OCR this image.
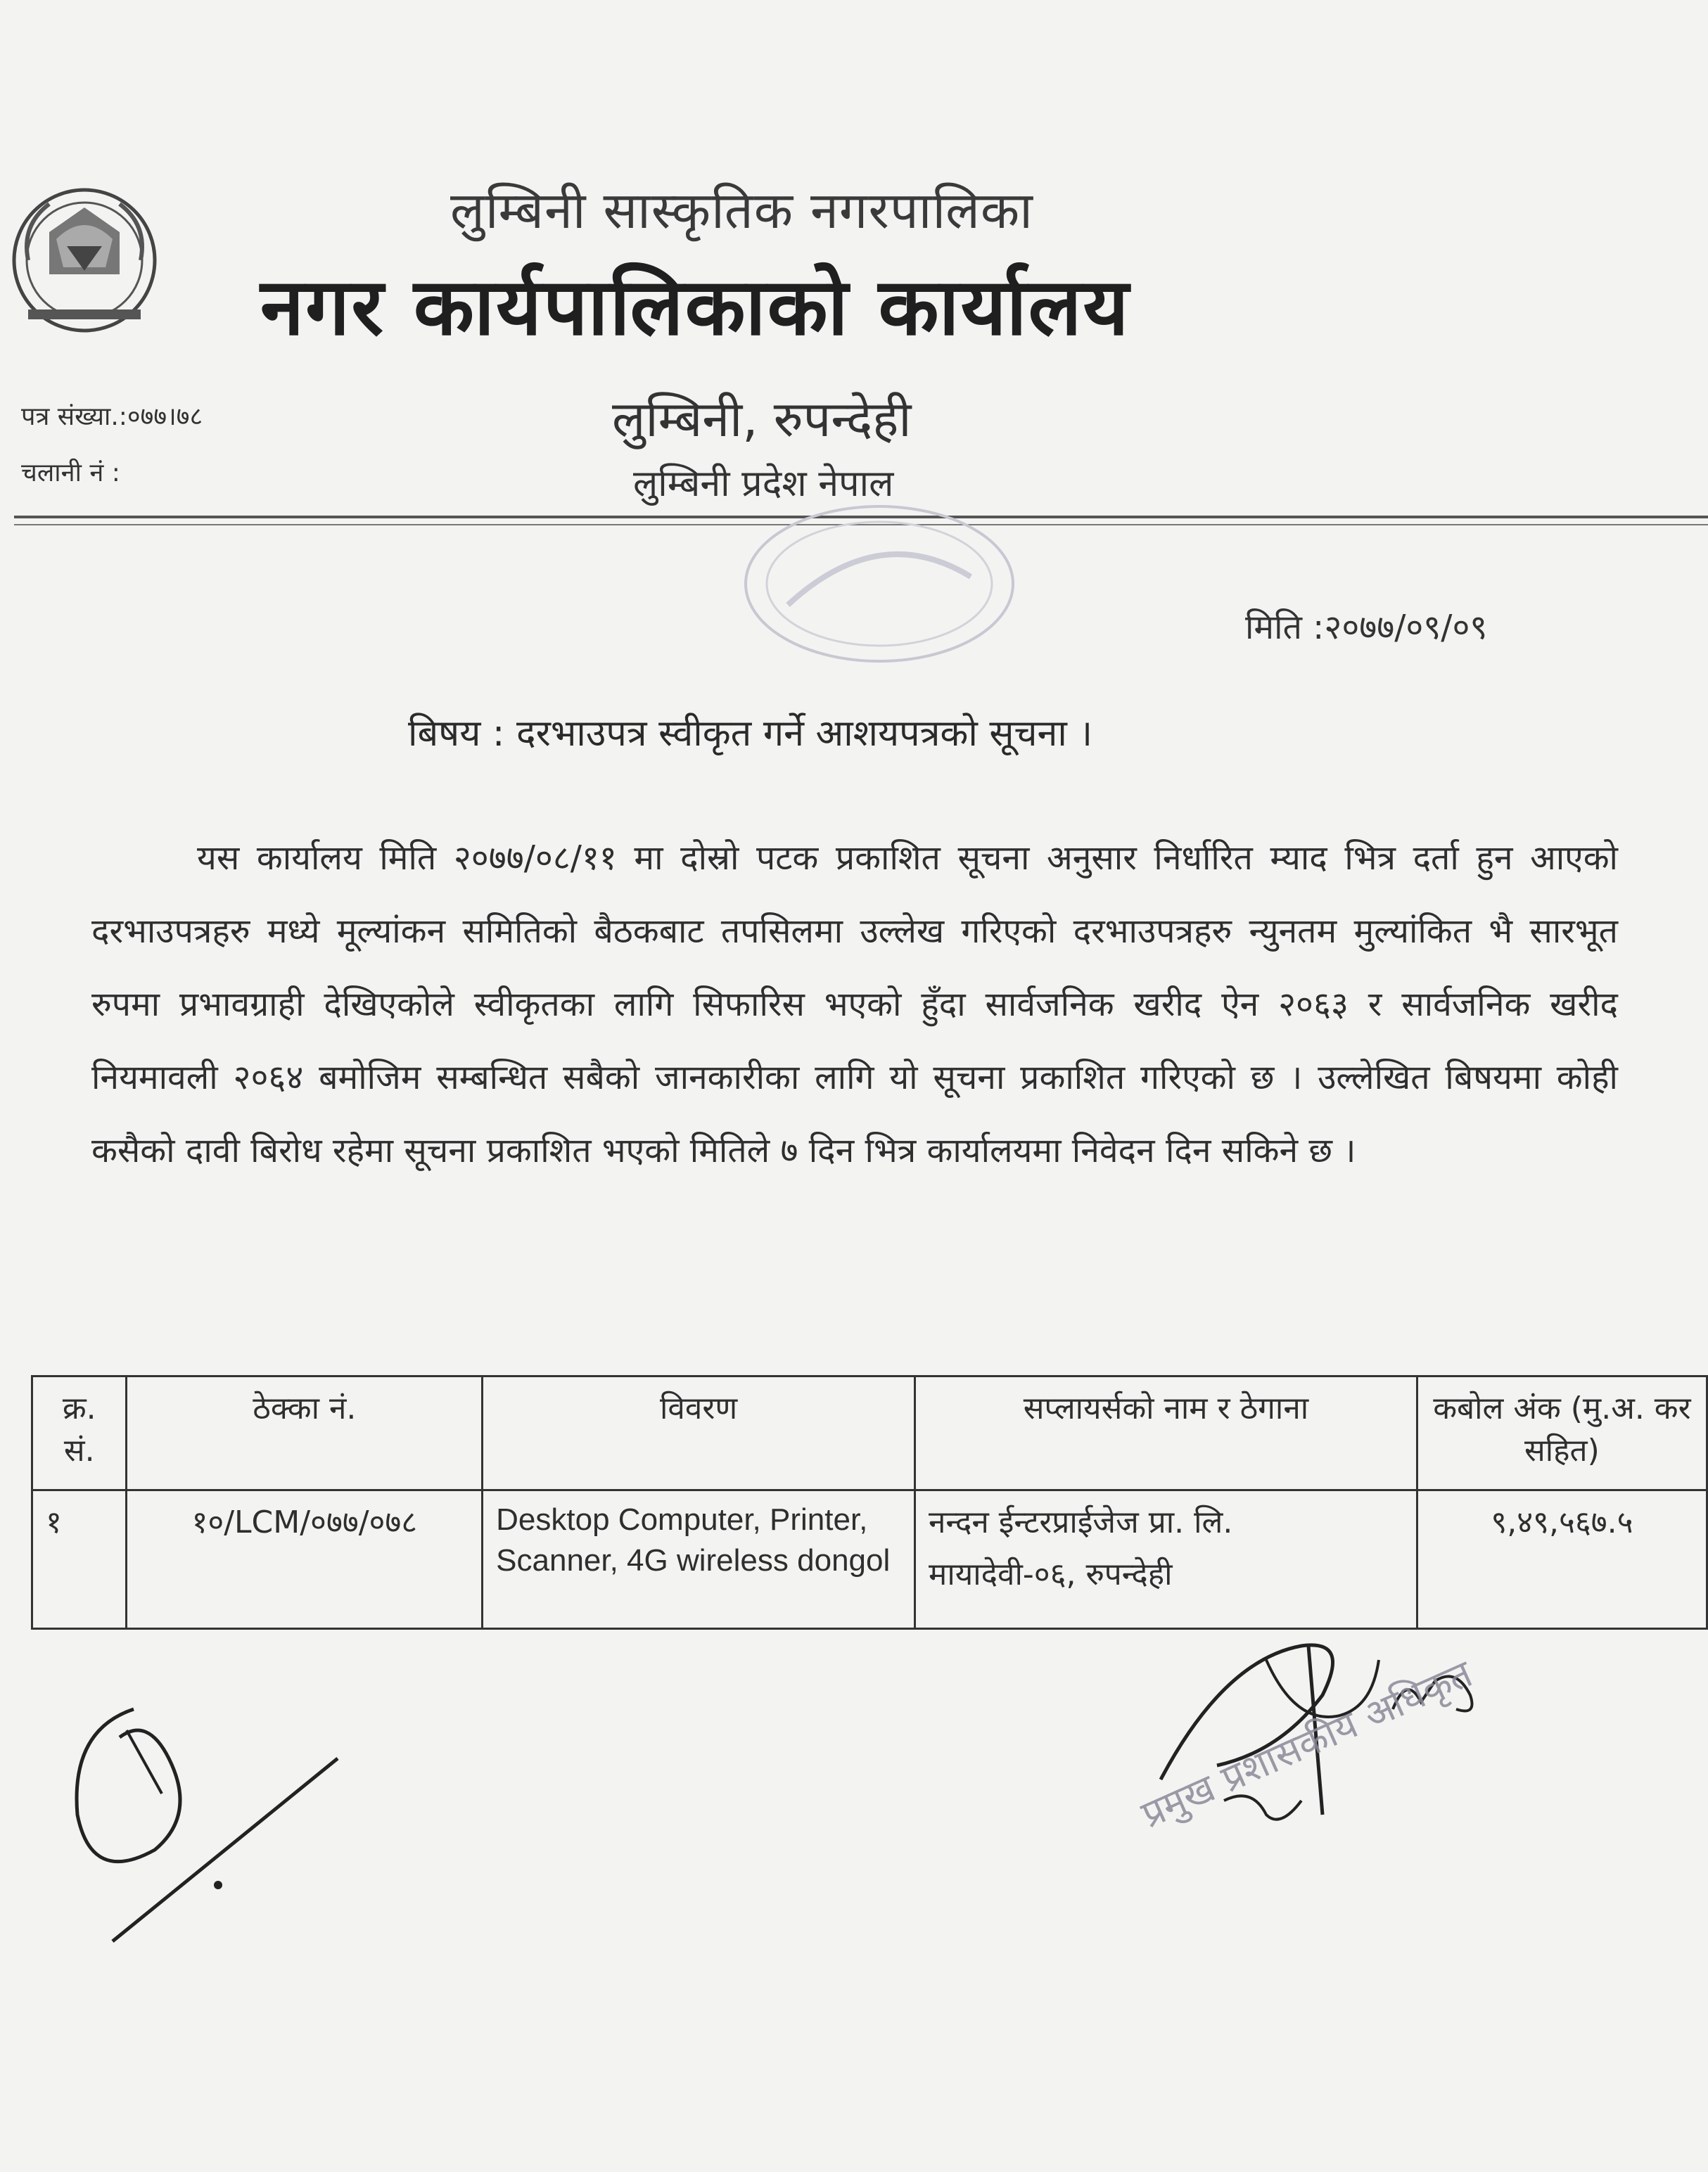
लुम्बिनी सास्कृतिक नगरपालिका
नगर कार्यपालिकाको कार्यालय
पत्र संख्या.:०७७।७८
चलानी नं :
लुम्बिनी, रुपन्देही
लुम्बिनी प्रदेश नेपाल
मिति :२०७७/०९/०९
बिषय : दरभाउपत्र स्वीकृत गर्ने आशयपत्रको सूचना ।
यस कार्यालय मिति २०७७/०८/११ मा दोस्रो पटक प्रकाशित सूचना अनुसार निर्धारित म्याद भित्र दर्ता हुन आएको दरभाउपत्रहरु मध्ये मूल्यांकन समितिको बैठकबाट तपसिलमा उल्लेख गरिएको दरभाउपत्रहरु न्युनतम मुल्यांकित भै सारभूत रुपमा प्रभावग्राही देखिएकोले स्वीकृतका लागि सिफारिस भएको हुँदा सार्वजनिक खरीद ऐन २०६३ र सार्वजनिक खरीद नियमावली २०६४ बमोजिम सम्बन्धित सबैको जानकारीका लागि यो सूचना प्रकाशित गरिएको छ । उल्लेखित बिषयमा कोही कसैको दावी बिरोध रहेमा सूचना प्रकाशित भएको मितिले ७ दिन भित्र कार्यालयमा निवेदन दिन सकिने छ ।
क्र. सं.	ठेक्का नं.	विवरण	सप्लायर्सको नाम र ठेगाना	कबोल अंक (मु.अ. कर सहित)
१	१०/LCM/०७७/०७८	Desktop Computer, Printer, Scanner, 4G wireless dongol	नन्दन ईन्टरप्राईजेज प्रा. लि.
मायादेवी-०६, रुपन्देही	९,४९,५६७.५
प्रमुख प्रशासकीय अधिकृत
